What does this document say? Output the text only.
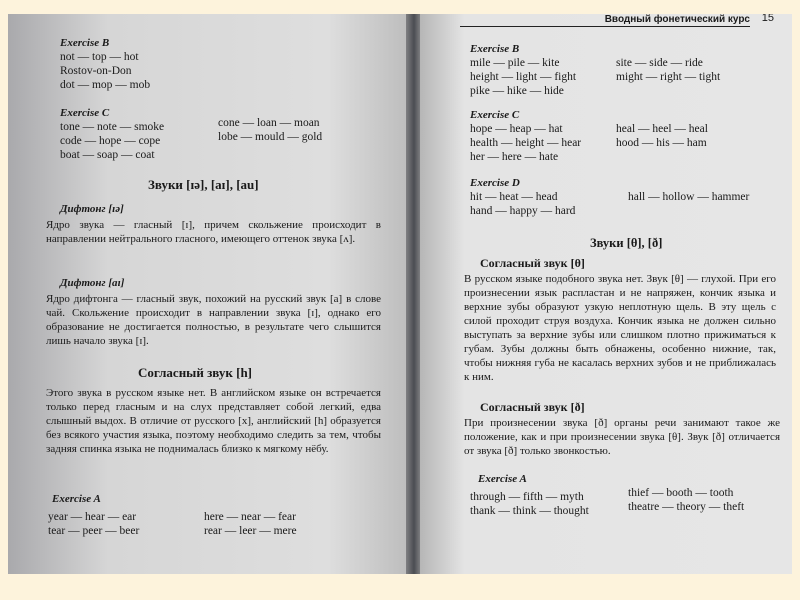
Exercise B
not — top — hot
Rostov-on-Don
dot — mop — mob
Exercise C
tone — note — smoke
code — hope — cope
boat — soap — coat
cone — loan — moan
lobe — mould — gold
Звуки [ɪə], [aɪ], [au]
Дифтонг [ɪə]
Ядро звука — гласный [ɪ], причем скольжение происходит в направлении нейтрального гласного, имеющего оттенок звука [ʌ].
Дифтонг [aɪ]
Ядро дифтонга — гласный звук, похожий на русский звук [а] в слове чай. Скольжение происходит в направлении звука [ɪ], однако его образование не достигается полностью, в результате чего слышится лишь начало звука [ɪ].
Согласный звук [h]
Этого звука в русском языке нет. В английском языке он встречается только перед гласным и на слух представляет собой легкий, едва слышный выдох. В отличие от русского [х], английский [h] образуется без всякого участия языка, поэтому необходимо следить за тем, чтобы задняя спинка языка не поднималась близко к мягкому нёбу.
Exercise A
year — hear — ear
tear — peer — beer
here — near — fear
rear — leer — mere
Вводный фонетический курс 15
Exercise B
mile — pile — kite
height — light — fight
pike — hike — hide
site — side — ride
might — right — tight
Exercise C
hope — heap — hat
health — height — hear
her — here — hate
heal — heel — heal
hood — his — ham
Exercise D
hit — heat — head
hand — happy — hard
hall — hollow — hammer
Звуки [θ], [ð]
Согласный звук [θ]
В русском языке подобного звука нет. Звук [θ] — глухой. При его произнесении язык распластан и не напряжен, кончик языка и верхние зубы образуют узкую неплотную щель. В эту щель с силой проходит струя воздуха. Кончик языка не должен сильно выступать за верхние зубы или слишком плотно прижиматься к губам. Зубы должны быть обнажены, особенно нижние, так, чтобы нижняя губа не касалась верхних зубов и не приближалась к ним.
Согласный звук [ð]
При произнесении звука [ð] органы речи занимают такое же положение, как и при произнесении звука [θ]. Звук [ð] отличается от звука [ð] только звонкостью.
Exercise A
through — fifth — myth
thank — think — thought
thief — booth — tooth
theatre — theory — theft
